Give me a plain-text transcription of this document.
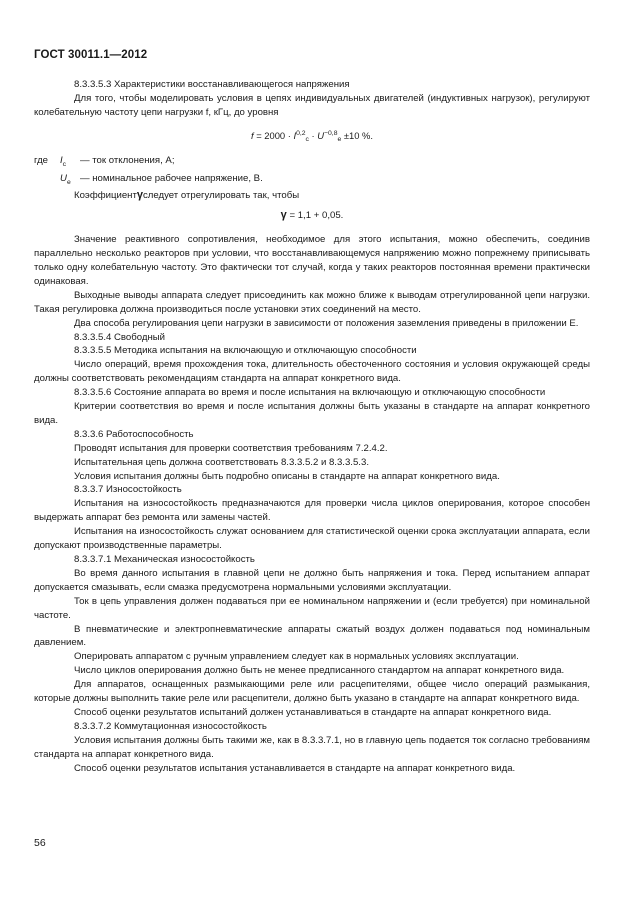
ГОСТ 30011.1—2012

8.3.3.5.3 Характеристики восстанавливающегося напряжения

Для того, чтобы моделировать условия в цепях индивидуальных двигателей (индуктивных нагрузок), регулируют колебательную частоту цепи нагрузки f, кГц, до уровня

$f = 2000 \cdot I^{0,2}_c \cdot U^{-0,8}_e \pm 10$ %.

где	$I_c$	— ток отклонения, А;

$U_e$ — номинальное рабочее напряжение, В.

Коэффициентγследует отрегулировать так, чтобы

γ = 1,1 + 0,05.

Значение реактивного сопротивления, необходимое для этого испытания, можно обеспечить, соединив параллельно несколько реакторов при условии, что восстанавливающемуся напряжению можно попрежнему приписывать только одну колебательную частоту. Это фактически тот случай, когда у таких реакторов постоянная времени практически одинаковая.

Выходные выводы аппарата следует присоединить как можно ближе к выводам отрегулированной цепи нагрузки. Такая регулировка должна производиться после установки этих соединений на место.

Два способа регулирования цепи нагрузки в зависимости от положения заземления приведены в приложении Е.

8.3.3.5.4 Свободный

8.3.3.5.5 Методика испытания на включающую и отключающую способности

Число операций, время прохождения тока, длительность обесточенного состояния и условия окружающей среды должны соответствовать рекомендациям стандарта на аппарат конкретного вида.

8.3.3.5.6 Состояние аппарата во время и после испытания на включающую и отключающую способности

Критерии соответствия во время и после испытания должны быть указаны в стандарте на аппарат конкретного вида.

8.3.3.6 Работоспособность

Проводят испытания для проверки соответствия требованиям 7.2.4.2.

Испытательная цепь должна соответствовать 8.3.3.5.2 и 8.3.3.5.3.

Условия испытания должны быть подробно описаны в стандарте на аппарат конкретного вида.

8.3.3.7 Износостойкость

Испытания на износостойкость предназначаются для проверки числа циклов оперирования, которое способен выдержать аппарат без ремонта или замены частей.

Испытания на износостойкость служат основанием для статистической оценки срока эксплуатации аппарата, если допускают производственные параметры.

8.3.3.7.1 Механическая износостойкость

Во время данного испытания в главной цепи не должно быть напряжения и тока. Перед испытанием аппарат допускается смазывать, если смазка предусмотрена нормальными условиями эксплуатации.

Ток в цепь управления должен подаваться при ее номинальном напряжении и (если требуется) при номинальной частоте.

В пневматические и электропневматические аппараты сжатый воздух должен подаваться под номинальным давлением.

Оперировать аппаратом с ручным управлением следует как в нормальных условиях эксплуатации.

Число циклов оперирования должно быть не менее предписанного стандартом на аппарат конкретного вида.

Для аппаратов, оснащенных размыкающими реле или расцепителями, общее число операций размыкания, которые должны выполнить такие реле или расцепители, должно быть указано в стандарте на аппарат конкретного вида.

Способ оценки результатов испытаний должен устанавливаться в стандарте на аппарат конкретного вида.

8.3.3.7.2 Коммутационная износостойкость

Условия испытания должны быть такими же, как в 8.3.3.7.1, но в главную цепь подается ток согласно требованиям стандарта на аппарат конкретного вида.

Способ оценки результатов испытания устанавливается в стандарте на аппарат конкретного вида.

56
